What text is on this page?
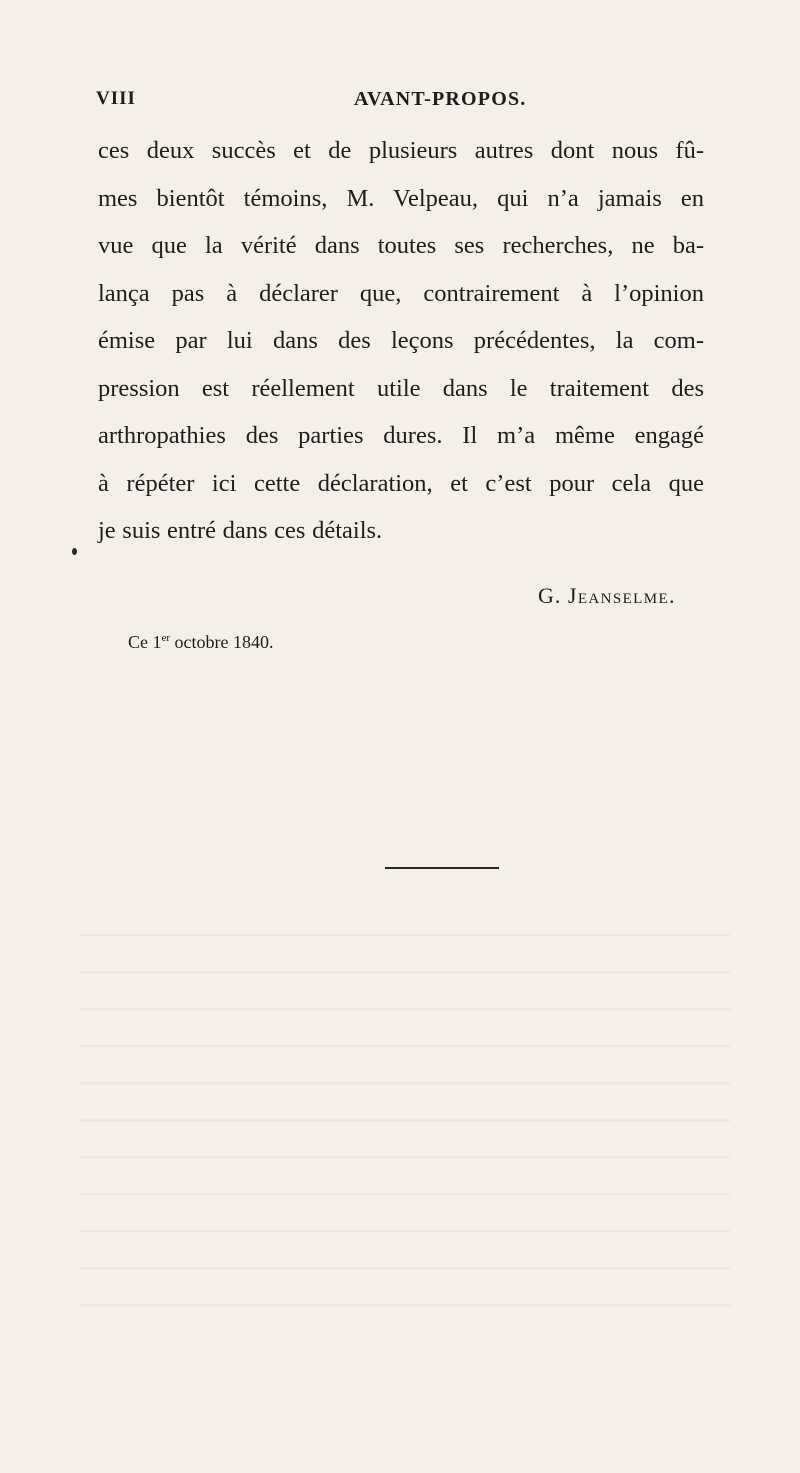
VIII	AVANT-PROPOS.
ces deux succès et de plusieurs autres dont nous fû-
mes bientôt témoins, M. Velpeau, qui n’a jamais en
vue que la vérité dans toutes ses recherches, ne ba-
lança pas à déclarer que, contrairement à l’opinion
émise par lui dans des leçons précédentes, la com-
pression est réellement utile dans le traitement des
arthropathies des parties dures. Il m’a même engagé
à répéter ici cette déclaration, et c’est pour cela que
je suis entré dans ces détails.
G. Jeanselme.
Ce 1er octobre 1840.
